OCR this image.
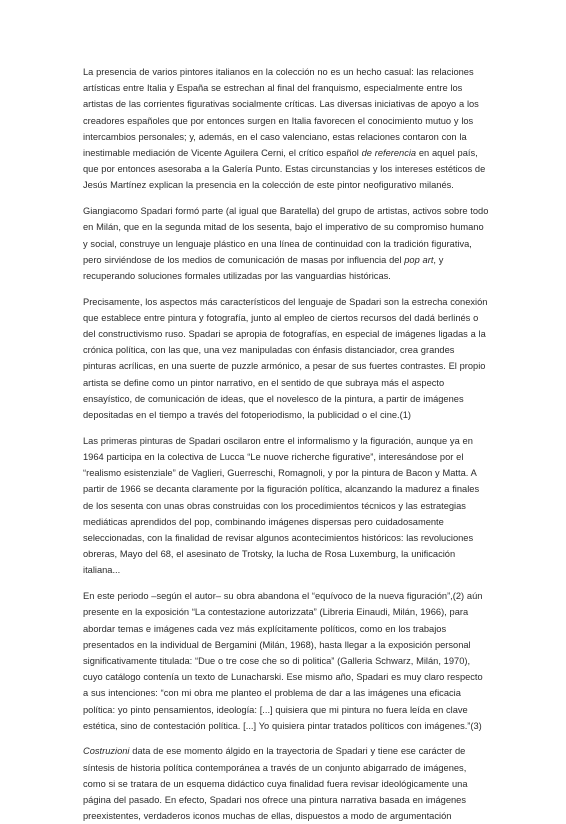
La presencia de varios pintores italianos en la colección no es un hecho casual: las relaciones artísticas entre Italia y España se estrechan al final del franquismo, especialmente entre los artistas de las corrientes figurativas socialmente críticas. Las diversas iniciativas de apoyo a los creadores españoles que por entonces surgen en Italia favorecen el conocimiento mutuo y los intercambios personales; y, además, en el caso valenciano, estas relaciones contaron con la inestimable mediación de Vicente Aguilera Cerni, el crítico español de referencia en aquel país, que por entonces asesoraba a la Galería Punto. Estas circunstancias y los intereses estéticos de Jesús Martínez explican la presencia en la colección de este pintor neofigurativo milanés.

Giangiacomo Spadari formó parte (al igual que Baratella) del grupo de artistas, activos sobre todo en Milán, que en la segunda mitad de los sesenta, bajo el imperativo de su compromiso humano y social, construye un lenguaje plástico en una línea de continuidad con la tradición figurativa, pero sirviéndose de los medios de comunicación de masas por influencia del pop art, y recuperando soluciones formales utilizadas por las vanguardias históricas.

Precisamente, los aspectos más característicos del lenguaje de Spadari son la estrecha conexión que establece entre pintura y fotografía, junto al empleo de ciertos recursos del dadá berlinés o del constructivismo ruso. Spadari se apropia de fotografías, en especial de imágenes ligadas a la crónica política, con las que, una vez manipuladas con énfasis distanciador, crea grandes pinturas acrílicas, en una suerte de puzzle armónico, a pesar de sus fuertes contrastes. El propio artista se define como un pintor narrativo, en el sentido de que subraya más el aspecto ensayístico, de comunicación de ideas, que el novelesco de la pintura, a partir de imágenes depositadas en el tiempo a través del fotoperiodismo, la publicidad o el cine.(1)

Las primeras pinturas de Spadari oscilaron entre el informalismo y la figuración, aunque ya en 1964 participa en la colectiva de Lucca “Le nuove richerche figurative”, interesándose por el “realismo esistenziale” de Vaglieri, Guerreschi, Romagnoli, y por la pintura de Bacon y Matta. A partir de 1966 se decanta claramente por la figuración política, alcanzando la madurez a finales de los sesenta con unas obras construidas con los procedimientos técnicos y las estrategias mediáticas aprendidos del pop, combinando imágenes dispersas pero cuidadosamente seleccionadas, con la finalidad de revisar algunos acontecimientos históricos: las revoluciones obreras, Mayo del 68, el asesinato de Trotsky, la lucha de Rosa Luxemburg, la unificación italiana...

En este periodo –según el autor– su obra abandona el “equívoco de la nueva figuración”,(2) aún presente en la exposición “La contestazione autorizzata” (Libreria Einaudi, Milán, 1966), para abordar temas e imágenes cada vez más explícitamente políticos, como en los trabajos presentados en la individual de Bergamini (Milán, 1968), hasta llegar a la exposición personal significativamente titulada: “Due o tre cose che so di politica” (Galleria Schwarz, Milán, 1970), cuyo catálogo contenía un texto de Lunacharski. Ese mismo año, Spadari es muy claro respecto a sus intenciones: “con mi obra me planteo el problema de dar a las imágenes una eficacia política: yo pinto pensamientos, ideología: [...] quisiera que mi pintura no fuera leída en clave estética, sino de contestación política. [...] Yo quisiera pintar tratados políticos con imágenes.”(3)

Costruzioni data de ese momento álgido en la trayectoria de Spadari y tiene ese carácter de síntesis de historia política contemporánea a través de un conjunto abigarrado de imágenes, como si se tratara de un esquema didáctico cuya finalidad fuera revisar ideológicamente una página del pasado. En efecto, Spadari nos ofrece una pintura narrativa basada en imágenes preexistentes, verdaderos iconos muchas de ellas, dispuestos a modo de argumentación
